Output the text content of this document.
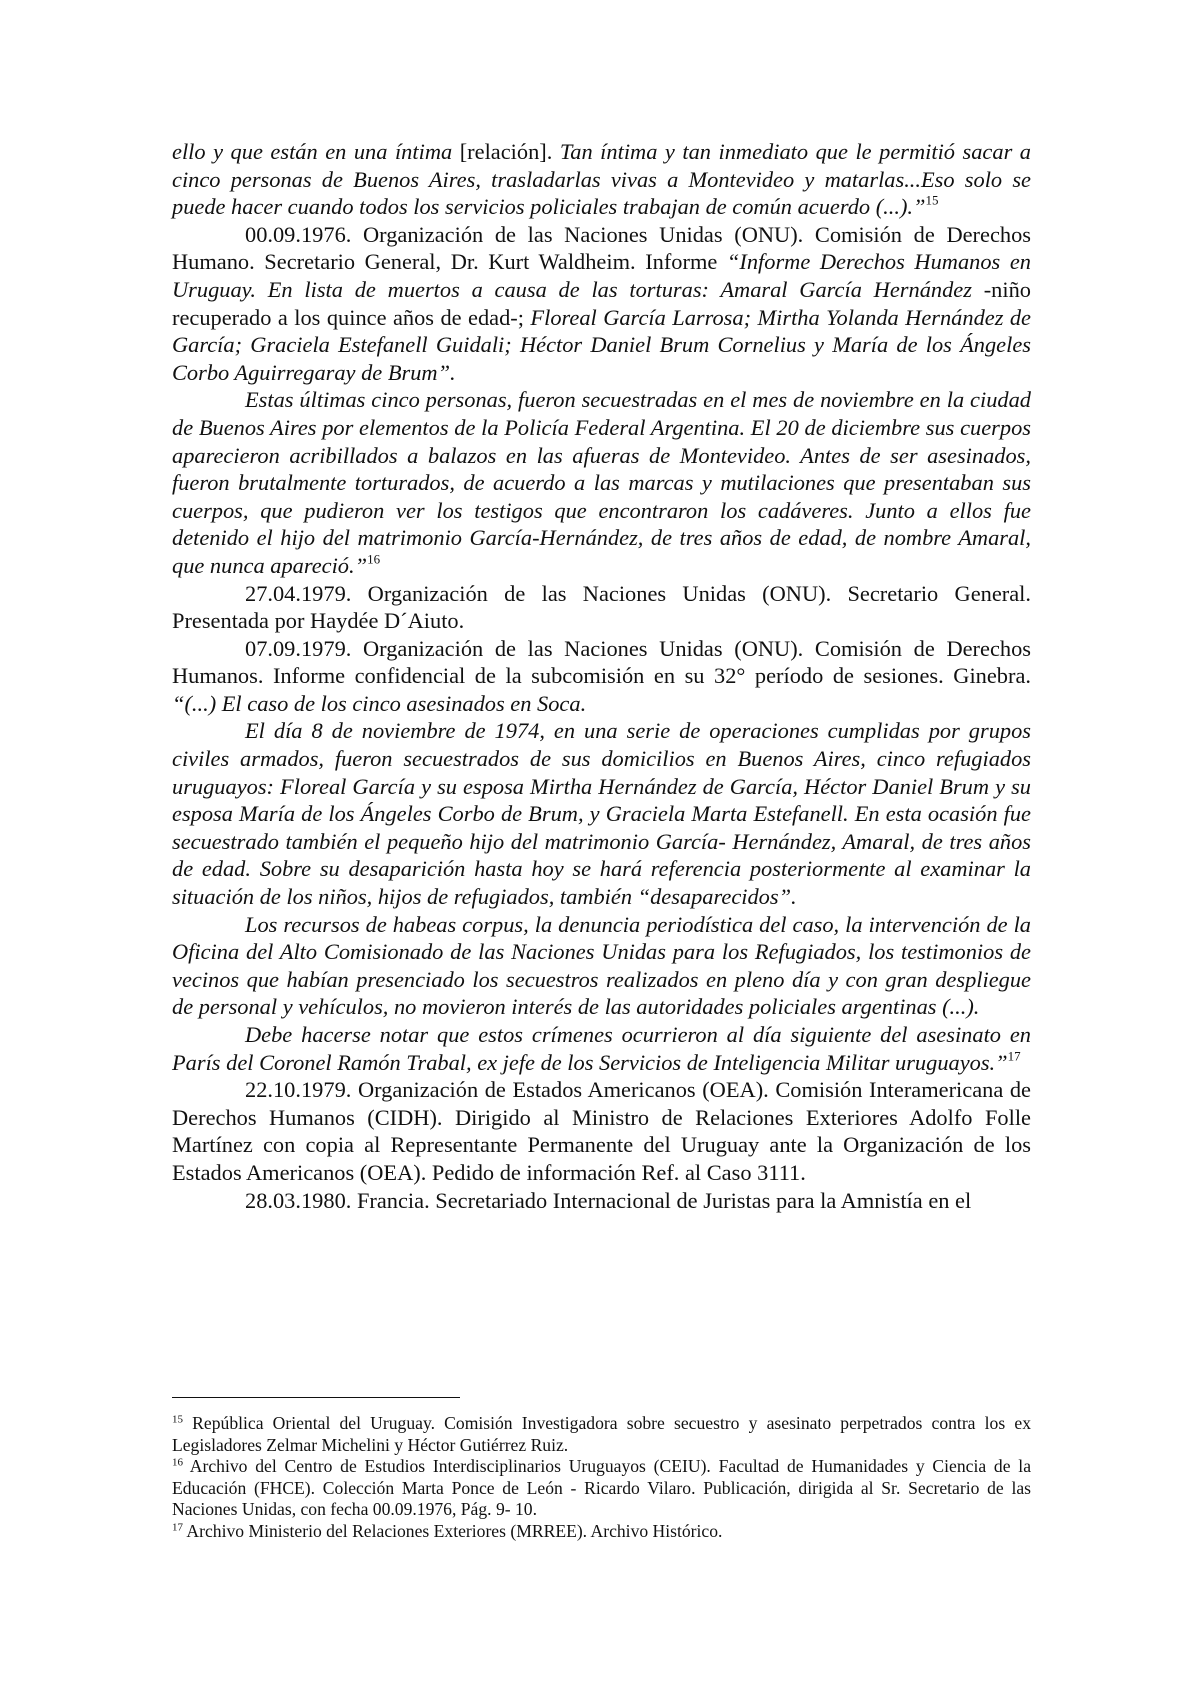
ello y que están en una íntima [relación]. Tan íntima y tan inmediato que le permitió sacar a cinco personas de Buenos Aires, trasladarlas vivas a Montevideo y matarlas...Eso solo se puede hacer cuando todos los servicios policiales trabajan de común acuerdo (...).”$^{15}$

00.09.1976. Organización de las Naciones Unidas (ONU). Comisión de Derechos Humano. Secretario General, Dr. Kurt Waldheim. Informe “Informe Derechos Humanos en Uruguay. En lista de muertos a causa de las torturas: Amaral García Hernández -niño recuperado a los quince años de edad-; Floreal García Larrosa; Mirtha Yolanda Hernández de García; Graciela Estefanell Guidali; Héctor Daniel Brum Cornelius y María de los Ángeles Corbo Aguirregaray de Brum”.

Estas últimas cinco personas, fueron secuestradas en el mes de noviembre en la ciudad de Buenos Aires por elementos de la Policía Federal Argentina. El 20 de diciembre sus cuerpos aparecieron acribillados a balazos en las afueras de Montevideo. Antes de ser asesinados, fueron brutalmente torturados, de acuerdo a las marcas y mutilaciones que presentaban sus cuerpos, que pudieron ver los testigos que encontraron los cadáveres. Junto a ellos fue detenido el hijo del matrimonio García-Hernández, de tres años de edad, de nombre Amaral, que nunca apareció.”$^{16}$

27.04.1979. Organización de las Naciones Unidas (ONU). Secretario General. Presentada por Haydée D´Aiuto.

07.09.1979. Organización de las Naciones Unidas (ONU). Comisión de Derechos Humanos. Informe confidencial de la subcomisión en su 32° período de sesiones. Ginebra. “(...) El caso de los cinco asesinados en Soca.

El día 8 de noviembre de 1974, en una serie de operaciones cumplidas por grupos civiles armados, fueron secuestrados de sus domicilios en Buenos Aires, cinco refugiados uruguayos: Floreal García y su esposa Mirtha Hernández de García, Héctor Daniel Brum y su esposa María de los Ángeles Corbo de Brum, y Graciela Marta Estefanell. En esta ocasión fue secuestrado también el pequeño hijo del matrimonio García- Hernández, Amaral, de tres años de edad. Sobre su desaparición hasta hoy se hará referencia posteriormente al examinar la situación de los niños, hijos de refugiados, también “desaparecidos”.

Los recursos de habeas corpus, la denuncia periodística del caso, la intervención de la Oficina del Alto Comisionado de las Naciones Unidas para los Refugiados, los testimonios de vecinos que habían presenciado los secuestros realizados en pleno día y con gran despliegue de personal y vehículos, no movieron interés de las autoridades policiales argentinas (...).

Debe hacerse notar que estos crímenes ocurrieron al día siguiente del asesinato en París del Coronel Ramón Trabal, ex jefe de los Servicios de Inteligencia Militar uruguayos.”$^{17}$

22.10.1979. Organización de Estados Americanos (OEA). Comisión Interamericana de Derechos Humanos (CIDH). Dirigido al Ministro de Relaciones Exteriores Adolfo Folle Martínez con copia al Representante Permanente del Uruguay ante la Organización de los Estados Americanos (OEA). Pedido de información Ref. al Caso 3111.

28.03.1980. Francia. Secretariado Internacional de Juristas para la Amnistía en el

$^{15}$ República Oriental del Uruguay. Comisión Investigadora sobre secuestro y asesinato perpetrados contra los ex Legisladores Zelmar Michelini y Héctor Gutiérrez Ruiz.

$^{16}$ Archivo del Centro de Estudios Interdisciplinarios Uruguayos (CEIU). Facultad de Humanidades y Ciencia de la Educación (FHCE). Colección Marta Ponce de León - Ricardo Vilaro. Publicación, dirigida al Sr. Secretario de las Naciones Unidas, con fecha 00.09.1976, Pág. 9- 10.

$^{17}$ Archivo Ministerio del Relaciones Exteriores (MRREE). Archivo Histórico.
